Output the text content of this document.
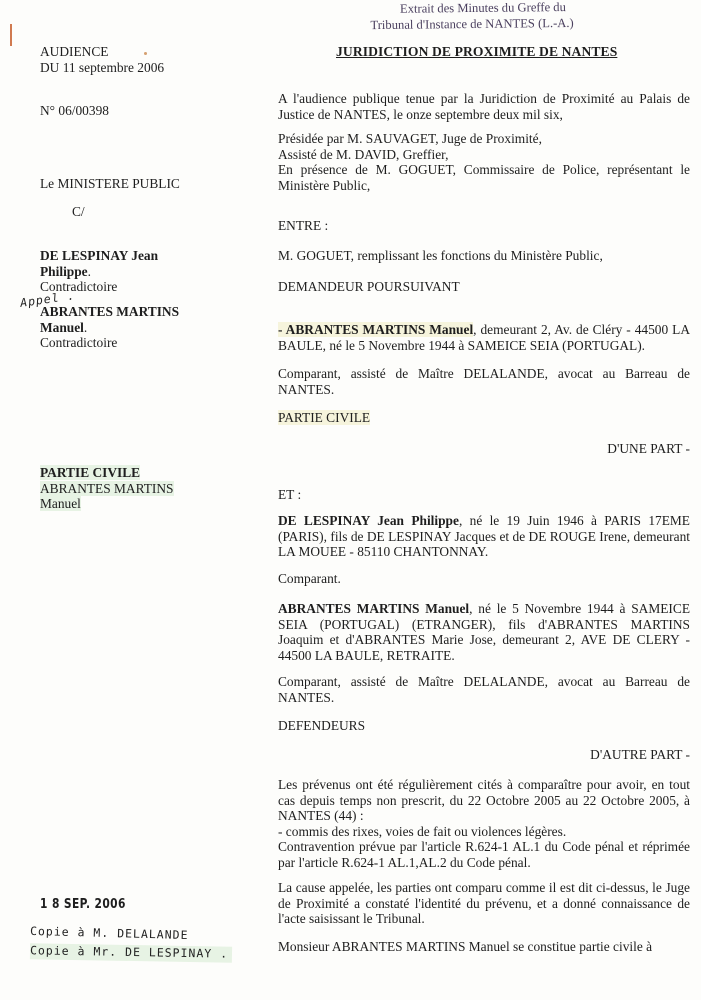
Extrait des Minutes du Greffe du
Tribunal d'Instance de NANTES (L.-A.)
JURIDICTION DE PROXIMITE DE NANTES
AUDIENCE
DU 11 septembre 2006
N° 06/00398
Le MINISTERE PUBLIC
C/
DE LESPINAY Jean
Philippe.
Contradictoire
Appel .
ABRANTES MARTINS
Manuel.
Contradictoire
PARTIE CIVILE
ABRANTES MARTINS
Manuel
1 8 SEP. 2006
Copie à M. DELALANDE
Copie à Mr. DE LESPINAY .

A l'audience publique tenue par la Juridiction de Proximité au Palais de Justice de NANTES, le onze septembre deux mil six,

Présidée par M. SAUVAGET, Juge de Proximité,

Assisté de M. DAVID, Greffier,

En présence de M. GOGUET, Commissaire de Police, représentant le Ministère Public,

ENTRE :
M. GOGUET, remplissant les fonctions du Ministère Public,
DEMANDEUR POURSUIVANT

- ABRANTES MARTINS Manuel, demeurant 2, Av. de Cléry - 44500 LA BAULE, né le 5 Novembre 1944 à SAMEICE SEIA (PORTUGAL).

Comparant, assisté de Maître DELALANDE, avocat au Barreau de NANTES.
PARTIE CIVILE
D'UNE PART -
ET :

DE LESPINAY Jean Philippe, né le 19 Juin 1946 à PARIS 17EME (PARIS), fils de DE LESPINAY Jacques et de DE ROUGE Irene, demeurant LA MOUEE - 85110 CHANTONNAY.

Comparant.

ABRANTES MARTINS Manuel, né le 5 Novembre 1944 à SAMEICE SEIA (PORTUGAL) (ETRANGER), fils d'ABRANTES MARTINS Joaquim et d'ABRANTES Marie Jose, demeurant 2, AVE DE CLERY - 44500 LA BAULE, RETRAITE.

Comparant, assisté de Maître DELALANDE, avocat au Barreau de NANTES.
DEFENDEURS
D'AUTRE PART -

Les prévenus ont été régulièrement cités à comparaître pour avoir, en tout cas depuis temps non prescrit, du 22 Octobre 2005 au 22 Octobre 2005, à NANTES (44) :

- commis des rixes, voies de fait ou violences légères.

Contravention prévue par l'article R.624-1 AL.1 du Code pénal et réprimée par l'article R.624-1 AL.1,AL.2 du Code pénal.

La cause appelée, les parties ont comparu comme il est dit ci-dessus, le Juge de Proximité a constaté l'identité du prévenu, et a donné connaissance de l'acte saisissant le Tribunal.
Monsieur ABRANTES MARTINS Manuel se constitue partie civile à
